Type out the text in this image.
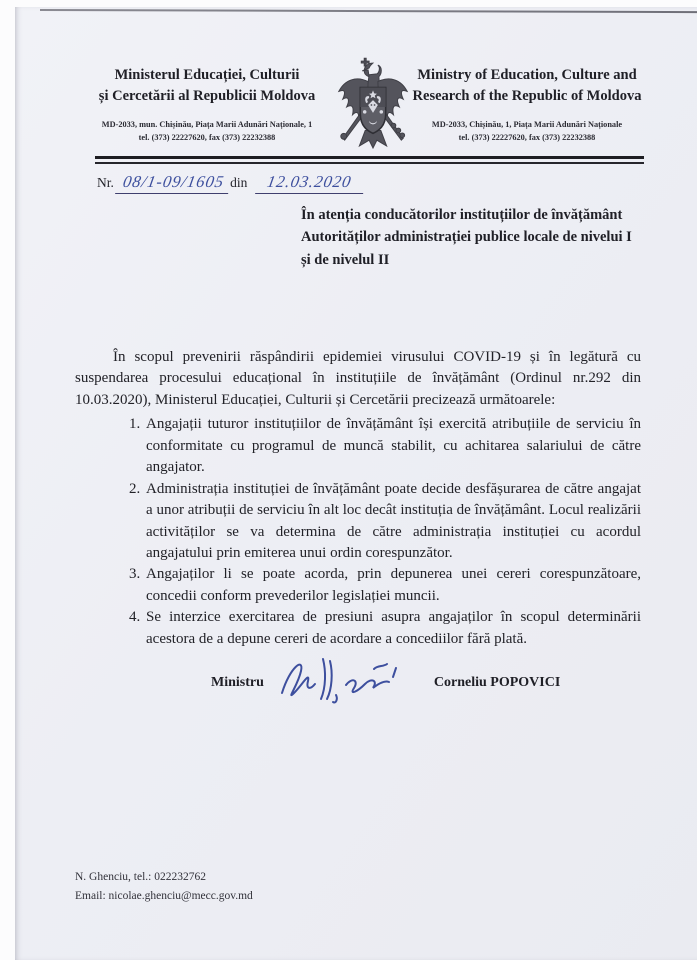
Ministerul Educației, Culturii
și Cercetării al Republicii Moldova
MD-2033, mun. Chișinău, Piața Marii Adunări Naționale, 1
tel. (373) 22227620, fax (373) 22232388
Ministry of Education, Culture and
Research of the Republic of Moldova
MD-2033, Chișinău, 1, Piața Marii Adunări Naționale
tel. (373) 22227620, fax (373) 22232388
Nr. 08/1-09/1605 din 12.03.2020
În atenția conducătorilor instituțiilor de învățământ
Autorităților administrației publice locale de nivelui I
și de nivelul II

În scopul prevenirii răspândirii epidemiei virusului COVID-19 și în legătură cu suspendarea procesului educațional în instituțiile de învățământ (Ordinul nr.292 din 10.03.2020), Ministerul Educației, Culturii și Cercetării precizează următoarele:

1. Angajații tuturor instituțiilor de învățământ își exercită atribuțiile de serviciu în conformitate cu programul de muncă stabilit, cu achitarea salariului de către angajator.
2. Administrația instituției de învățământ poate decide desfășurarea de către angajat a unor atribuții de serviciu în alt loc decât instituția de învățământ. Locul realizării activităților se va determina de către administrația instituției cu acordul angajatului prin emiterea unui ordin corespunzător.
3. Angajaților li se poate acorda, prin depunerea unei cereri corespunzătoare, concedii conform prevederilor legislației muncii.
4. Se interzice exercitarea de presiuni asupra angajaților în scopul determinării acestora de a depune cereri de acordare a concediilor fără plată.
Ministru	Corneliu POPOVICI
N. Ghenciu, tel.: 022232762
Email: nicolae.ghenciu@mecc.gov.md
